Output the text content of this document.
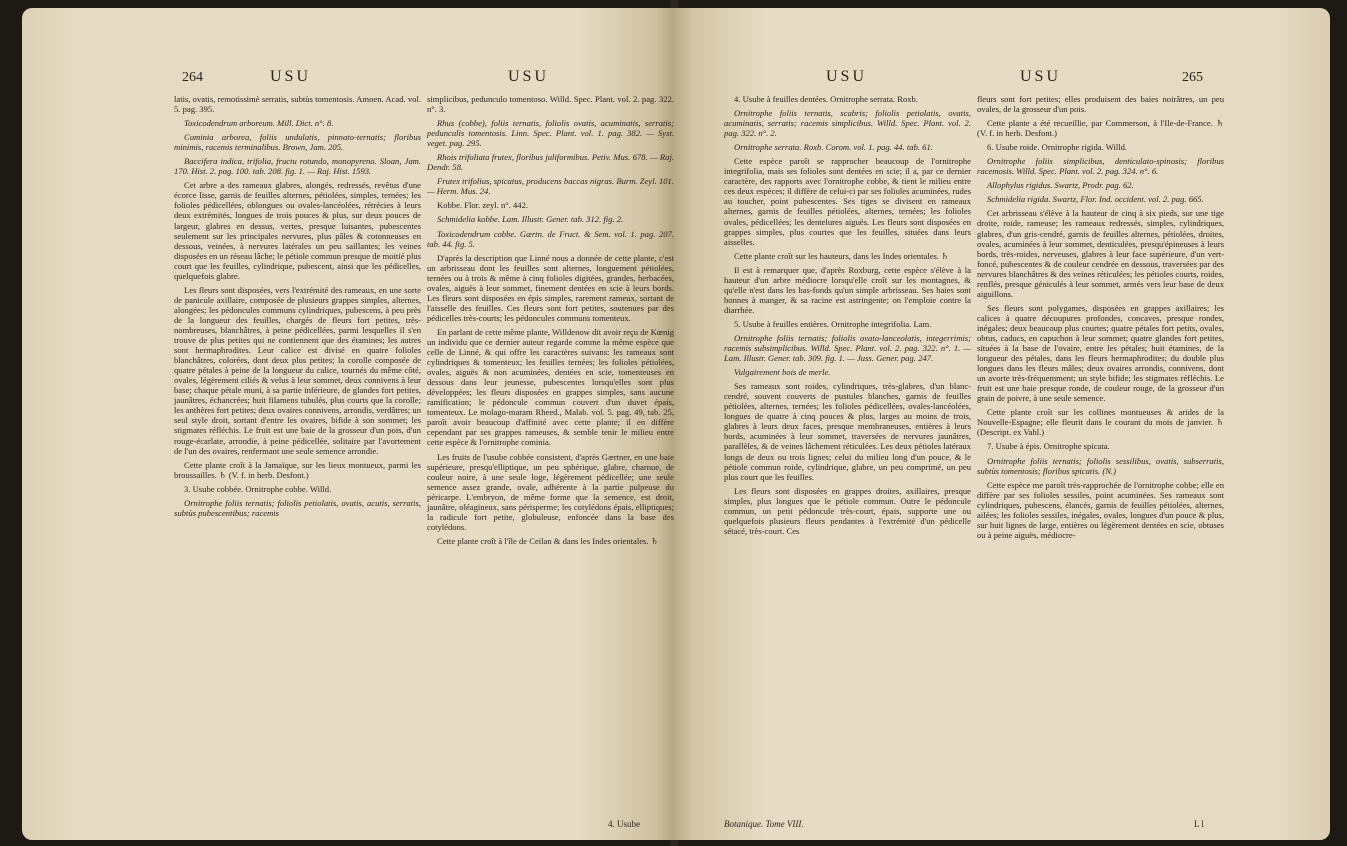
264	USU	USU

latis, ovatis, remotissimè serratis, subtùs tomentosis. Amoen. Acad. vol. 5. pag. 395.

Toxicodendrum arboreum. Mill. Dict. n°. 8.

Cominia arborea, foliis undulatis, pinnato-ternatis; floribus minimis, racemis terminalibus. Brown, Jam. 205.

Baccifera indica, trifolia, fructu rotundo, monopyreno. Sloan, Jam. 170. Hist. 2. pag. 100. tab. 208. fig. 1. — Raj. Hist. 1593.

Cet arbre a des rameaux glabres, alongés, redressés, revêtus d'une écorce lisse, garnis de feuilles alternes, pétiolées, simples, ternées; les folioles pédicellées, oblongues ou ovales-lancéolées, rétrécies à leurs deux extrémités, longues de trois pouces & plus, sur deux pouces de largeur, glabres en dessus, vertes, presque luisantes, pubescentes seulement sur les principales nervures, plus pâles & cotonneuses en dessous, veinées, à nervures latérales un peu saillantes; les veines disposées en un réseau lâche; le pétiole commun presque de moitié plus court que les feuilles, cylindrique, pubescent, ainsi que les pédicelles, quelquefois glabre.

Les fleurs sont disposées, vers l'extrémité des rameaux, en une sorte de panicule axillaire, composée de plusieurs grappes simples, alternes, alongées; les pédoncules communs cylindriques, pubescens, à peu près de la longueur des feuilles, chargés de fleurs fort petites, très-nombreuses, blanchâtres, à peine pédicellées, parmi lesquelles il s'en trouve de plus petites qui ne contiennent que des étamines; les autres sont hermaphrodites. Leur calice est divisé en quatre folioles blanchâtres, colorées, dont deux plus petites; la corolle composée de quatre pétales à peine de la longueur du calice, tournés du même côté, ovales, légèrement ciliés & velus à leur sommet, deux connivens à leur base; chaque pétale muni, à sa partie inférieure, de glandes fort petites, jaunâtres, échancrées; huit filamens tubulés, plus courts que la corolle; les anthères fort petites; deux ovaires connivens, arrondis, verdâtres; un seul style droit, sortant d'entre les ovaires, bifide à son sommet; les stigmates réfléchis. Le fruit est une baie de la grosseur d'un pois, d'un rouge-écarlate, arrondie, à peine pédicellée, solitaire par l'avortement de l'un des ovaires, renfermant une seule semence arrondie.

Cette plante croît à la Jamaïque, sur les lieux montueux, parmi les broussailles. ♄ (V. f. in herb. Desfont.)

3. Usube cobbée. Ornitrophe cobbe. Willd.

Ornitrophe foliis ternatis; foliolis petiolatis, ovatis, acutis, serratis, subtùs pubescentibus; racemis

simplicibus, pedunculo tomentoso. Willd. Spec. Plant. vol. 2. pag. 322. n°. 3.

Rhus (cobbe), foliis ternatis, foliolis ovatis, acuminatis, serratis; pedunculis tomentosis. Linn. Spec. Plant. vol. 1. pag. 382. — Syst. veget. pag. 295.

Rhois trifoliata frutex, floribus juliformibus. Petiv. Mus. 678. — Raj. Dendr. 58.

Frutex trifolius, spicatus, producens baccas nigras. Burm. Zeyl. 101. — Herm. Mus. 24.

Kobbe. Flor. zeyl. n°. 442.

Schmidelia kobbe. Lam. Illustr. Gener. tab. 312. fig. 2.

Toxicodendrum cobbe. Gærtn. de Fruct. & Sem. vol. 1. pag. 207. tab. 44. fig. 5.

D'après la description que Linné nous a donnée de cette plante, c'est un arbrisseau dont les feuilles sont alternes, longuement pétiolées, ternées ou à trois & même à cinq folioles digitées, grandes, herbacées, ovales, aiguës à leur sommet, finement dentées en scie à leurs bords. Les fleurs sont disposées en épis simples, rarement rameux, sortant de l'aisselle des feuilles. Ces fleurs sont fort petites, soutenues par des pédicelles très-courts; les pédoncules communs tomenteux.

En parlant de cette même plante, Willdenow dit avoir reçu de Kœnig un individu que ce dernier auteur regarde comme la même espèce que celle de Linné, & qui offre les caractères suivans: les rameaux sont cylindriques & tomenteux; les feuilles ternées; les folioles pétiolées, ovales, aiguës & non acuminées, dentées en scie, tomenteuses en dessous dans leur jeunesse, pubescentes lorsqu'elles sont plus développées; les fleurs disposées en grappes simples, sans aucune ramification; le pédoncule commun couvert d'un duvet épais, tomenteux. Le molago-maram Rheed., Malab. vol. 5. pag. 49, tab. 25, paroît avoir beaucoup d'affinité avec cette plante; il en diffère cependant par ses grappes rameuses, & semble tenir le milieu entre cette espèce & l'ornitrophe cominia.

Les fruits de l'usube cobbée consistent, d'après Gærtner, en une baie supérieure, presqu'elliptique, un peu sphérique, glabre, charnue, de couleur noire, à une seule loge, légèrement pédicellée; une seule semence assez grande, ovale, adhérente à la partie pulpeuse du péricarpe. L'embryon, de même forme que la semence, est droit, jaunâtre, oléagineux, sans périsperme; les cotylédons épais, elliptiques; la radicule fort petite, globuleuse, enfoncée dans la base des cotylédons.

Cette plante croît à l'île de Ceilan & dans les Indes orientales. ♄

4. Usube
USU	USU	265

4. Usube à feuilles dentées. Ornitrophe serrata. Roxb.

Ornitrophe foliis ternatis, scabris; foliolis petiolatis, ovatis, acuminatis, serratis; racemis simplicibus. Willd. Spec. Plant. vol. 2. pag. 322. n°. 2.

Ornitrophe serrata. Roxb. Corom. vol. 1. pag. 44. tab. 61.

Cette espèce paroît se rapprocher beaucoup de l'ornitrophe integrifolia, mais ses folioles sont dentées en scie; il a, par ce dernier caractère, des rapports avec l'ornitrophe cobbe, & tient le milieu entre ces deux espèces; il diffère de celui-ci par ses folioles acuminées, rudes au toucher, point pubescentes. Ses tiges se divisent en rameaux alternes, garnis de feuilles pétiolées, alternes, ternées; les folioles ovales, pédicellées; les dentelures aiguës. Les fleurs sont disposées en grappes simples, plus courtes que les feuilles, situées dans leurs aisselles.

Cette plante croît sur les hauteurs, dans les Indes orientales. ♄

Il est à remarquer que, d'après Roxburg, cette espèce s'élève à la hauteur d'un arbre médiocre lorsqu'elle croît sur les montagnes, & qu'elle n'est dans les bas-fonds qu'un simple arbrisseau. Ses baies sont bonnes à manger, & sa racine est astringente; on l'emploie contre la diarrhée.

5. Usube à feuilles entières. Ornitrophe integrifolia. Lam.

Ornitrophe foliis ternatis; foliolis ovato-lanceolatis, integerrimis; racemis subsimplicibus. Willd. Spec. Plant. vol. 2. pag. 322. n°. 1. — Lam. Illustr. Gener. tab. 309. fig. 1. — Juss. Gener. pag. 247.

Vulgairement bois de merle.

Ses rameaux sont roides, cylindriques, très-glabres, d'un blanc-cendré, souvent couverts de pustules blanches, garnis de feuilles pétiolées, alternes, ternées; les folioles pédicellées, ovales-lancéolées, longues de quatre à cinq pouces & plus, larges au moins de trois, glabres à leurs deux faces, presque membraneuses, entières à leurs bords, acuminées à leur sommet, traversées de nervures jaunâtres, parallèles, & de veines lâchement réticulées. Les deux pétioles latéraux longs de deux ou trois lignes; celui du milieu long d'un pouce, & le pétiole commun roide, cylindrique, glabre, un peu comprimé, un peu plus court que les feuilles.

Les fleurs sont disposées en grappes droites, axillaires, presque simples, plus longues que le pétiole commun. Outre le pédoncule commun, un petit pédoncule très-court, épais, supporte une ou quelquefois plusieurs fleurs pendantes à l'extrémité d'un pédicelle sétacé, très-court. Ces

fleurs sont fort petites; elles produisent des baies noirâtres, un peu ovales, de la grosseur d'un pois.

Cette plante a été recueillie, par Commerson, à l'Ile-de-France. ♄ (V. f. in herb. Desfont.)

6. Usube roide. Ornitrophe rigida. Willd.

Ornitrophe foliis simplicibus, denticulato-spinosis; floribus racemosis. Willd. Spec. Plant. vol. 2. pag. 324. n°. 6.

Allophylus rigidus. Swartz, Prodr. pag. 62.

Schmidelia rigida. Swartz, Flor. Ind. occident. vol. 2. pag. 665.

Cet arbrisseau s'élève à la hauteur de cinq à six pieds, sur une tige droite, roide, rameuse; les rameaux redressés, simples, cylindriques, glabres, d'un gris-cendré, garnis de feuilles alternes, pétiolées, droites, ovales, acuminées à leur sommet, denticulées, presqu'épineuses à leurs bords, très-roides, nerveuses, glabres à leur face supérieure, d'un vert-foncé, pubescentes & de couleur cendrée en dessous, traversées par des nervures blanchâtres & des veines réticulées; les pétioles courts, roides, renflés, presque géniculés à leur sommet, armés vers leur base de deux aiguillons.

Ses fleurs sont polygames, disposées en grappes axillaires; les calices à quatre découpures profondes, concaves, presque rondes, inégales; deux beaucoup plus courtes; quatre pétales fort petits, ovales, obtus, caducs, en capuchon à leur sommet; quatre glandes fort petites, situées à la base de l'ovaire, entre les pétales; huit étamines, de la longueur des pétales, dans les fleurs hermaphrodites; du double plus longues dans les fleurs mâles; deux ovaires arrondis, connivens, dont un avorte très-fréquemment; un style bifide; les stigmates réfléchis. Le fruit est une baie presque ronde, de couleur rouge, de la grosseur d'un grain de poivre, à une seule semence.

Cette plante croît sur les collines montueuses & arides de la Nouvelle-Espagne; elle fleurit dans le courant du mois de janvier. ♄ (Descript. ex Vahl.)

7. Usube à épis. Ornitrophe spicata.

Ornitrophe foliis ternatis; foliolis sessilibus, ovatis, subserratis, subtùs tomentosis; floribus spicatis. (N.)

Cette espèce me paroît très-rapprochée de l'ornitrophe cobbe; elle en diffère par ses folioles sessiles, point acuminées. Ses rameaux sont cylindriques, pubescens, élancés, garnis de feuilles pétiolées, alternes, ailées; les folioles sessiles, inégales, ovales, longues d'un pouce & plus, sur huit lignes de large, entières ou légèrement dentées en scie, obtuses ou à peine aiguës, médiocre-

Botanique. Tome VIII.	L l
